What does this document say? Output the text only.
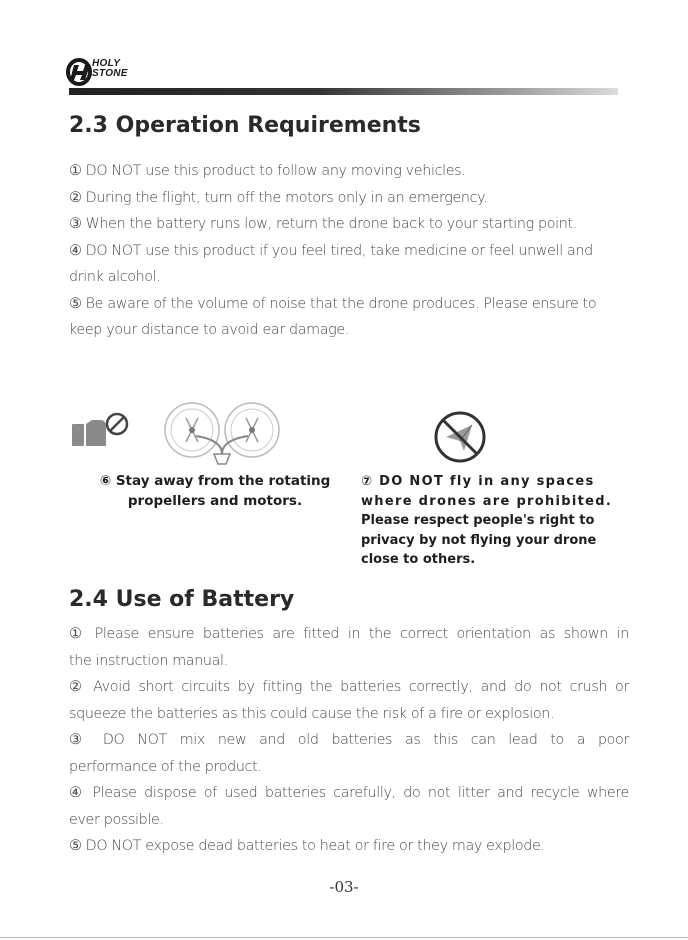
HOLY
STONE
2.3 Operation Requirements
① DO NOT use this product to follow any moving vehicles.
② During the flight, turn off the motors only in an emergency.
③ When the battery runs low, return the drone back to your starting point.
④ DO NOT use this product if you feel tired, take medicine or feel unwell and drink alcohol.
⑤ Be aware of the volume of noise that the drone produces. Please ensure to keep your distance to avoid ear damage.
⑥ Stay away from the rotating
propellers and motors.
⑦ DO NOT fly in any spaces
where drones are prohibited.
Please respect people's right to
privacy by not flying your drone
close to others.
2.4 Use of Battery
① Please ensure batteries are fitted in the correct orientation as shown in
the instruction manual.
② Avoid short circuits by fitting the batteries correctly, and do not crush or
squeeze the batteries as this could cause the risk of a fire or explosion.
③ DO NOT mix new and old batteries as this can lead to a poor
performance of the product.
④ Please dispose of used batteries carefully, do not litter and recycle where
ever possible.
⑤ DO NOT expose dead batteries to heat or fire or they may explode.
-03-
